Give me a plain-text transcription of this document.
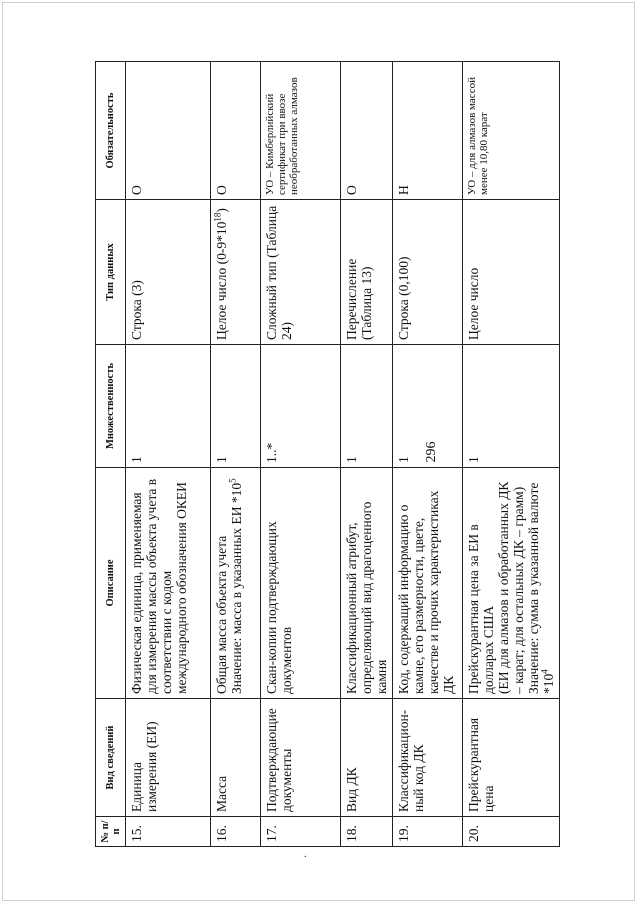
296
№ п/п	Вид сведений	Описание	Множественность	Тип данных	Обязательность
15.	Единица измерения (ЕИ)	Физическая единица, применяемая для измерения массы объекта учета в соответствии с кодом международного обозначения ОКЕИ	1	Строка (3)	О
16.	Масса	Общая масса объекта учета Значение: масса в указанных ЕИ $*10^5$	1	Целое число $(0-9*10^{18})$	О
17.	Подтверждающие документы	Скан-копии подтверждающих документов	1..*	Сложный тип (Таблица 24)	УО – Кимберлийский сертификат при ввозе необработанных алмазов
18.	Вид ДК	Классификационный атрибут, определяющий вид драгоценного камня	1	Перечисление (Таблица 13)	О
19.	Классификацион-ный код ДК	Код, содержащий информацию о камне, его размерности, цвете, качестве и прочих характеристиках ДК	1	Строка (0,100)	Н
20.	Прейскурантная цена	Прейскурантная цена за ЕИ в долларах США (ЕИ для алмазов и обработанных ДК – карат; для остальных ДК – грамм) Значение: сумма в указанной валюте $*10^4$	1	Целое число	УО – для алмазов массой менее 10,80 карат
.
